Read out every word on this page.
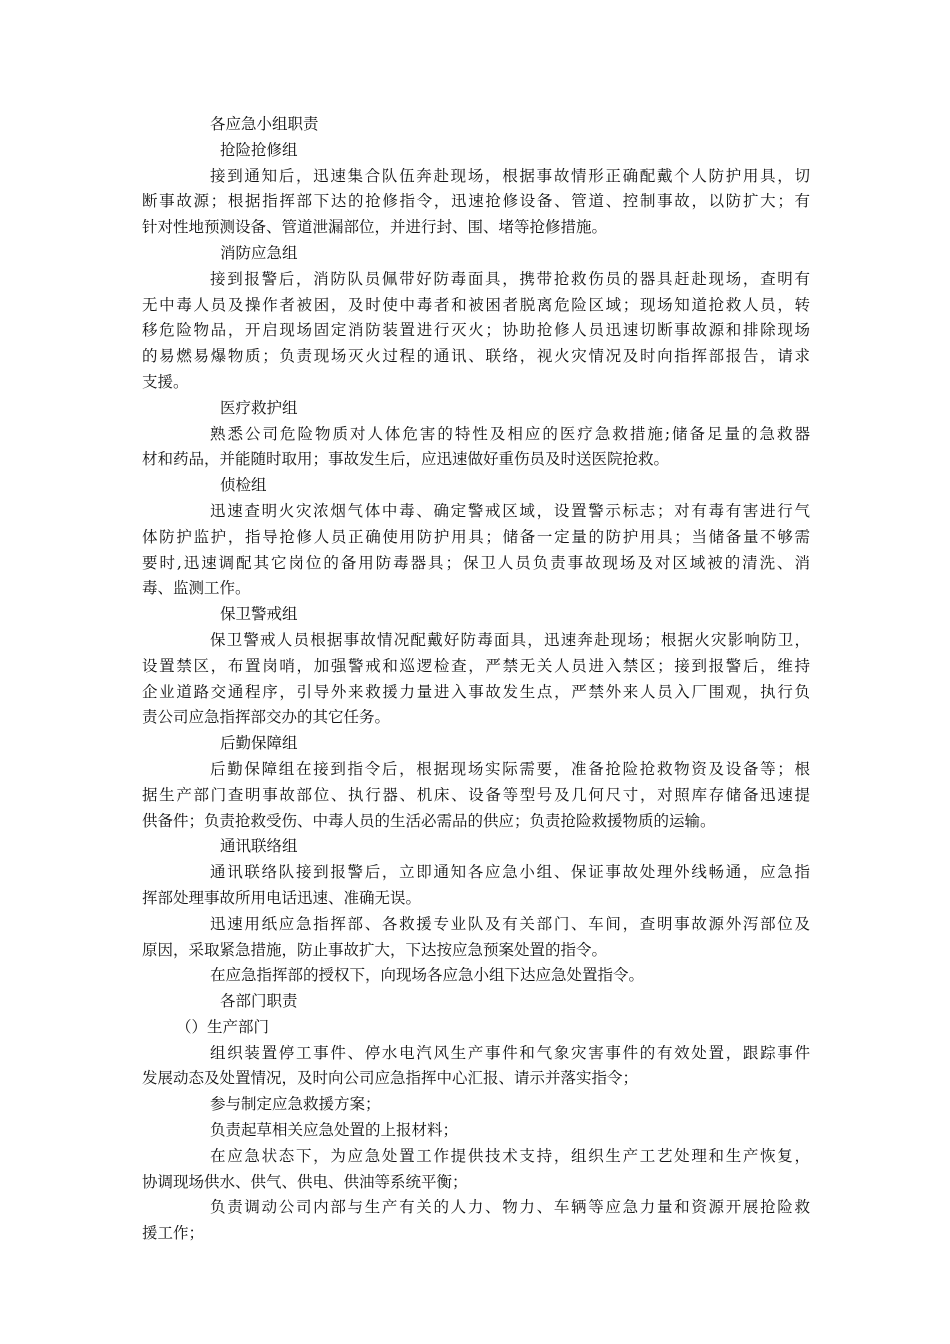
各应急小组职责
抢险抢修组
接到通知后，迅速集合队伍奔赴现场，根据事故情形正确配戴个人防护用具，切
断事故源；根据指挥部下达的抢修指令，迅速抢修设备、管道、控制事故，以防扩大；有
针对性地预测设备、管道泄漏部位，并进行封、围、堵等抢修措施。
消防应急组
接到报警后，消防队员佩带好防毒面具，携带抢救伤员的器具赶赴现场，查明有
无中毒人员及操作者被困，及时使中毒者和被困者脱离危险区域；现场知道抢救人员，转
移危险物品，开启现场固定消防装置进行灭火；协助抢修人员迅速切断事故源和排除现场
的易燃易爆物质；负责现场灭火过程的通讯、联络，视火灾情况及时向指挥部报告，请求
支援。
医疗救护组
熟悉公司危险物质对人体危害的特性及相应的医疗急救措施;储备足量的急救器
材和药品，并能随时取用；事故发生后，应迅速做好重伤员及时送医院抢救。
侦检组
迅速查明火灾浓烟气体中毒、确定警戒区域，设置警示标志；对有毒有害进行气
体防护监护，指导抢修人员正确使用防护用具；储备一定量的防护用具；当储备量不够需
要时,迅速调配其它岗位的备用防毒器具；保卫人员负责事故现场及对区域被的清洗、消
毒、监测工作。
保卫警戒组
保卫警戒人员根据事故情况配戴好防毒面具，迅速奔赴现场；根据火灾影响防卫，
设置禁区，布置岗哨，加强警戒和巡逻检查，严禁无关人员进入禁区；接到报警后，维持
企业道路交通程序，引导外来救援力量进入事故发生点，严禁外来人员入厂围观，执行负
责公司应急指挥部交办的其它任务。
后勤保障组
后勤保障组在接到指令后，根据现场实际需要，准备抢险抢救物资及设备等；根
据生产部门查明事故部位、执行器、机床、设备等型号及几何尺寸，对照库存储备迅速提
供备件；负责抢救受伤、中毒人员的生活必需品的供应；负责抢险救援物质的运输。
通讯联络组
通讯联络队接到报警后，立即通知各应急小组、保证事故处理外线畅通，应急指
挥部处理事故所用电话迅速、准确无误。
迅速用纸应急指挥部、各救援专业队及有关部门、车间，查明事故源外泻部位及
原因，采取紧急措施，防止事故扩大，下达按应急预案处置的指令。
在应急指挥部的授权下，向现场各应急小组下达应急处置指令。
各部门职责
（）生产部门
组织装置停工事件、停水电汽风生产事件和气象灾害事件的有效处置，跟踪事件
发展动态及处置情况，及时向公司应急指挥中心汇报、请示并落实指令；
参与制定应急救援方案；
负责起草相关应急处置的上报材料；
在应急状态下，为应急处置工作提供技术支持，组织生产工艺处理和生产恢复，
协调现场供水、供气、供电、供油等系统平衡；
负责调动公司内部与生产有关的人力、物力、车辆等应急力量和资源开展抢险救
援工作；
